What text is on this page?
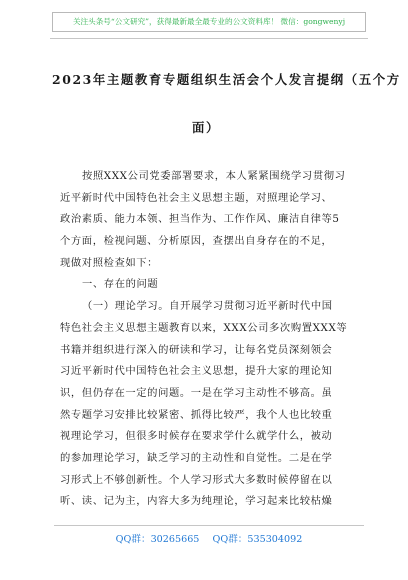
关注头条号“公文研究”，获得最新最全最专业的公文资料库！ 微信：gongwenyj
2023年主题教育专题组织生活会个人发言提纲（五个方
面）
按照XXX公司党委部署要求，本人紧紧围绕学习贯彻习
近平新时代中国特色社会主义思想主题，对照理论学习、
政治素质、能力本领、担当作为、工作作风、廉洁自律等5
个方面，检视问题、分析原因，查摆出自身存在的不足，
现做对照检查如下：
一、存在的问题
（一）理论学习。自开展学习贯彻习近平新时代中国
特色社会主义思想主题教育以来，XXX公司多次购置XXX等
书籍并组织进行深入的研读和学习，让每名党员深刻领会
习近平新时代中国特色社会主义思想，提升大家的理论知
识，但仍存在一定的问题。一是在学习主动性不够高。虽
然专题学习安排比较紧密、抓得比较严，我个人也比较重
视理论学习，但很多时候存在要求学什么就学什么，被动
的参加理论学习，缺乏学习的主动性和自觉性。二是在学
习形式上不够创新性。个人学习形式大多数时候停留在以
听、读、记为主，内容大多为纯理论，学习起来比较枯燥
QQ群：30265665 QQ群：535304092
